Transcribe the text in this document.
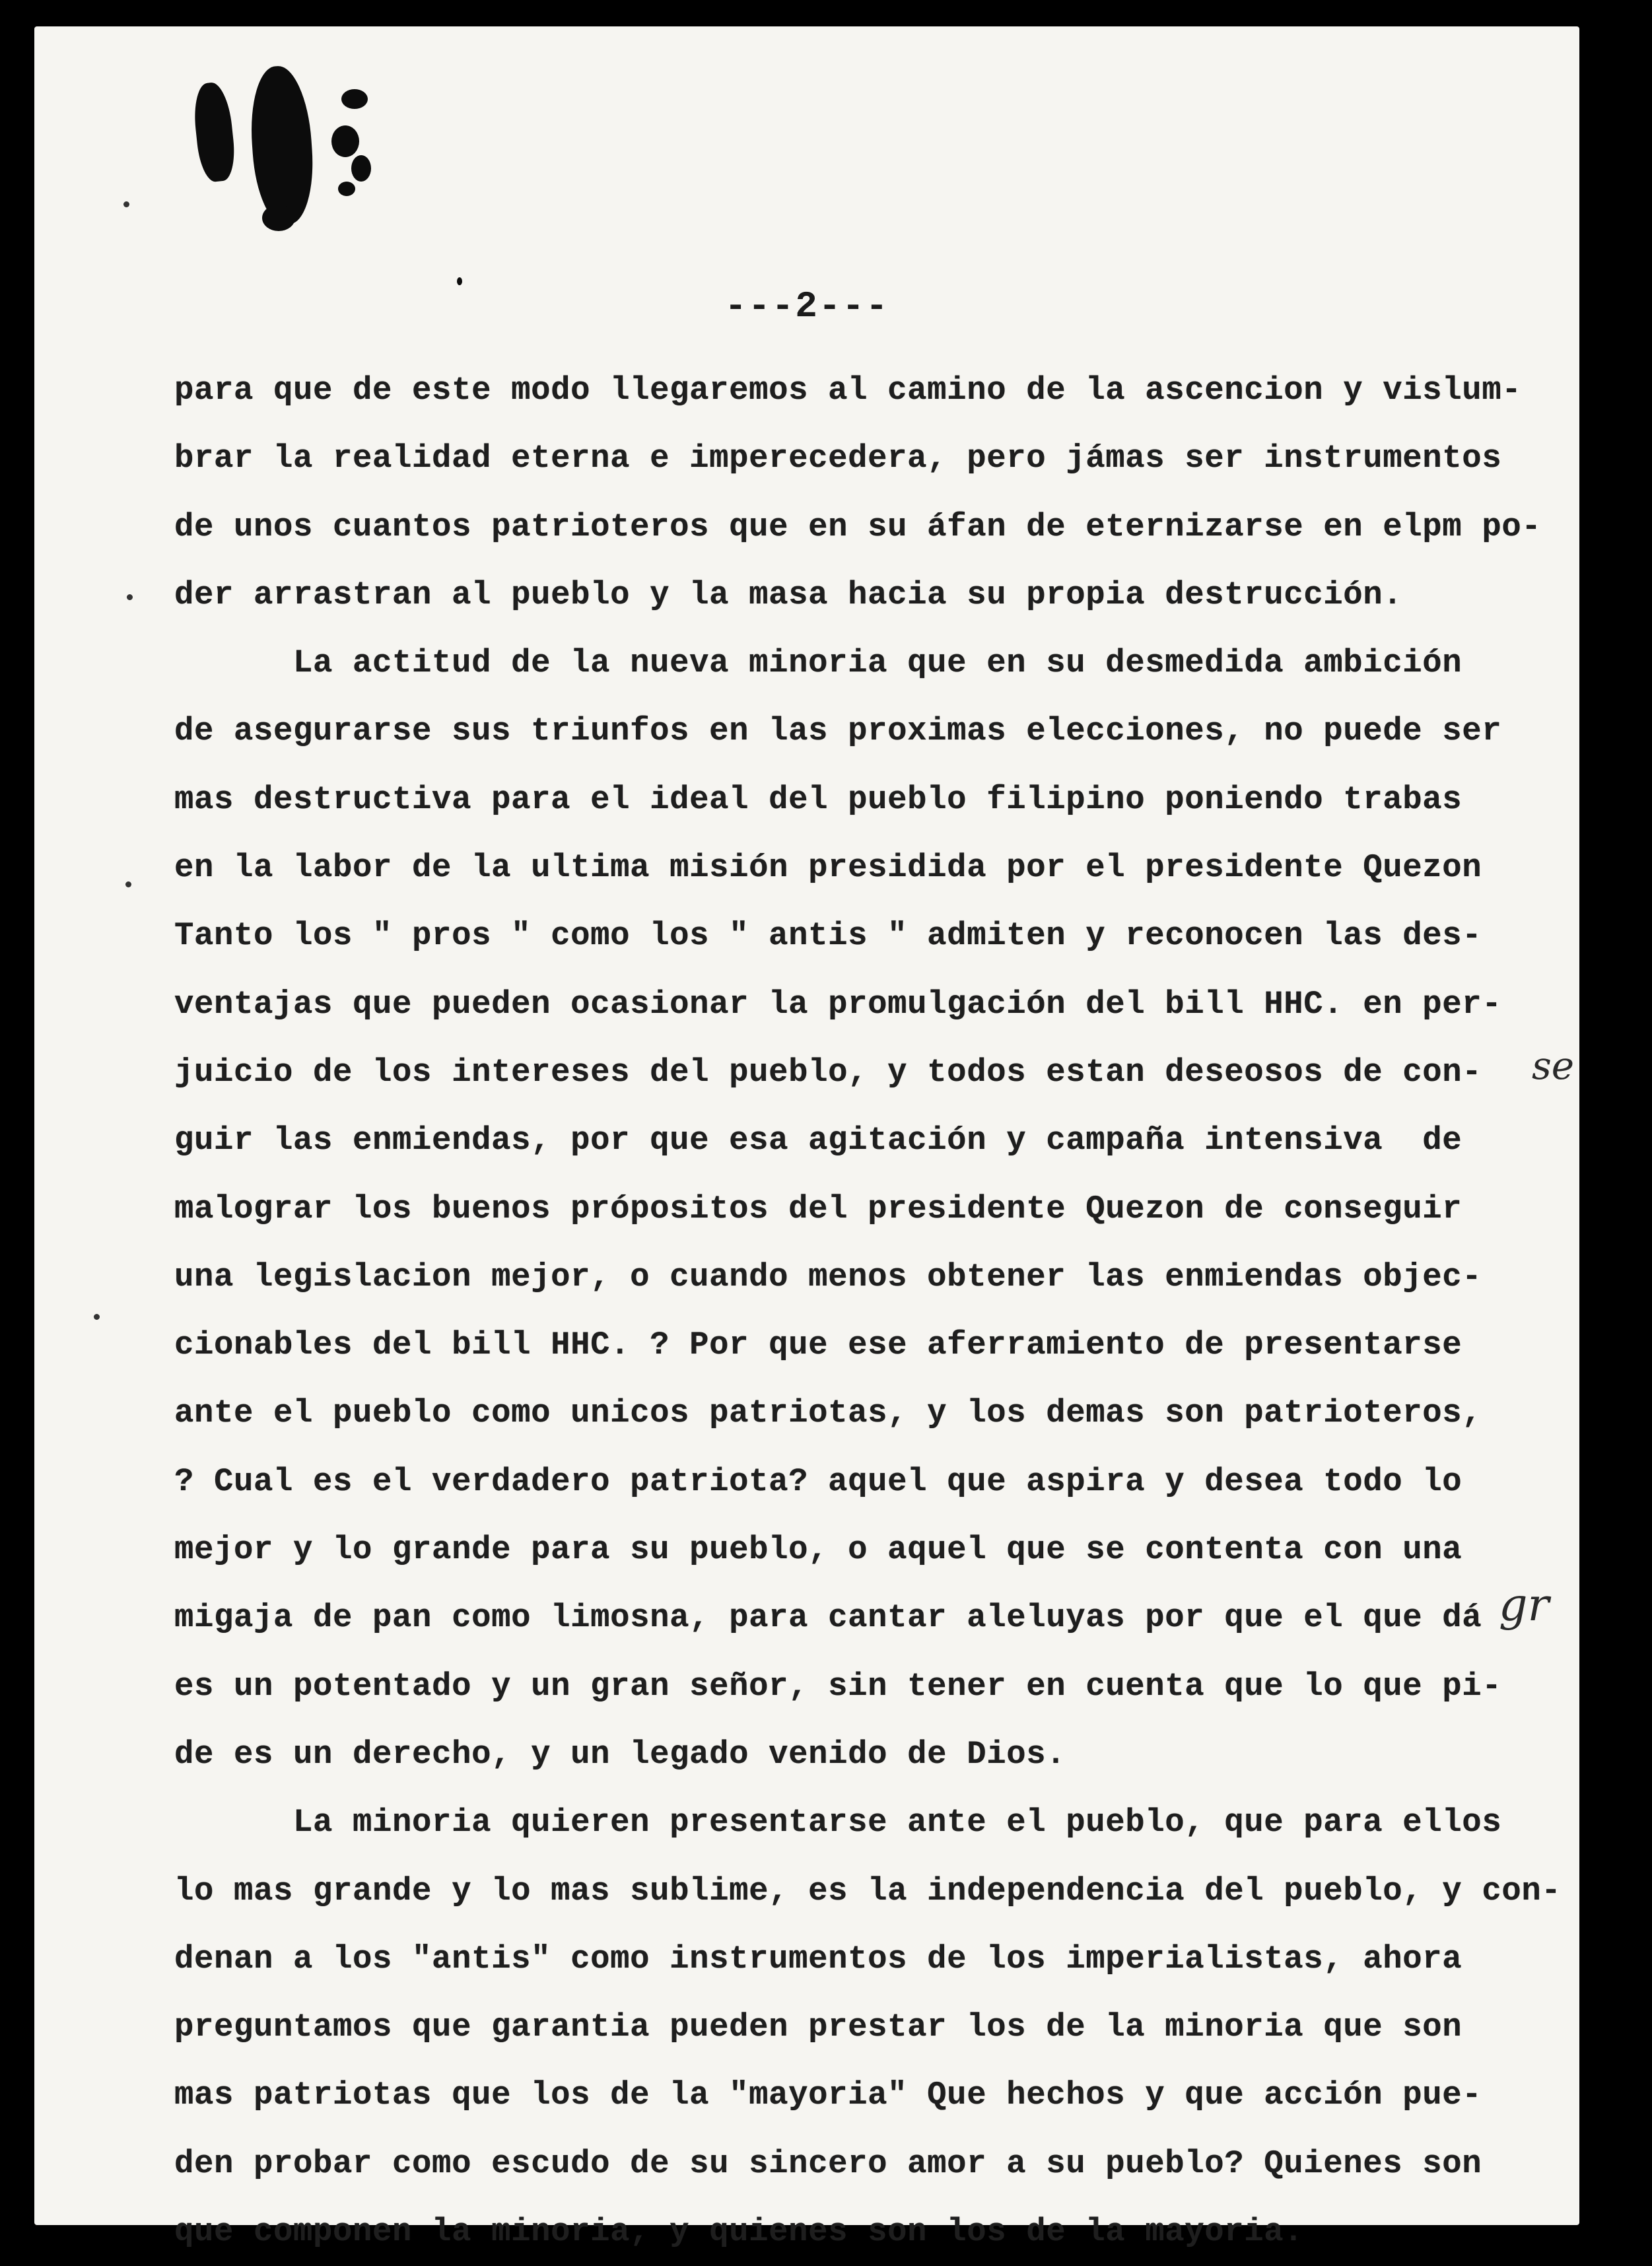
---2---
para que de este modo llegaremos al camino de la ascencion y vislum-
brar la realidad eterna e imperecedera, pero jámas ser instrumentos
de unos cuantos patrioteros que en su áfan de eternizarse en elpm po-
der arrastran al pueblo y la masa hacia su propia destrucción.
La actitud de la nueva minoria que en su desmedida ambición
de asegurarse sus triunfos en las proximas elecciones, no puede ser
mas destructiva para el ideal del pueblo filipino poniendo trabas
en la labor de la ultima misión presidida por el presidente Quezon
Tanto los " pros " como los " antis " admiten y reconocen las des-
ventajas que pueden ocasionar la promulgación del bill HHC. en per-
juicio de los intereses del pueblo, y todos estan deseosos de con-
guir las enmiendas, por que esa agitación y campaña intensiva  de
malograr los buenos própositos del presidente Quezon de conseguir
una legislacion mejor, o cuando menos obtener las enmiendas objec-
cionables del bill HHC. ? Por que ese aferramiento de presentarse
ante el pueblo como unicos patriotas, y los demas son patrioteros,
? Cual es el verdadero patriota? aquel que aspira y desea todo lo
mejor y lo grande para su pueblo, o aquel que se contenta con una
migaja de pan como limosna, para cantar aleluyas por que el que dá
es un potentado y un gran señor, sin tener en cuenta que lo que pi-
de es un derecho, y un legado venido de Dios.
La minoria quieren presentarse ante el pueblo, que para ellos
lo mas grande y lo mas sublime, es la independencia del pueblo, y con-
denan a los "antis" como instrumentos de los imperialistas, ahora
preguntamos que garantia pueden prestar los de la minoria que son
mas patriotas que los de la "mayoria" Que hechos y que acción pue-
den probar como escudo de su sincero amor a su pueblo? Quienes son
que componen la minoria, y quienes son los de la mayoria.
se
gr
